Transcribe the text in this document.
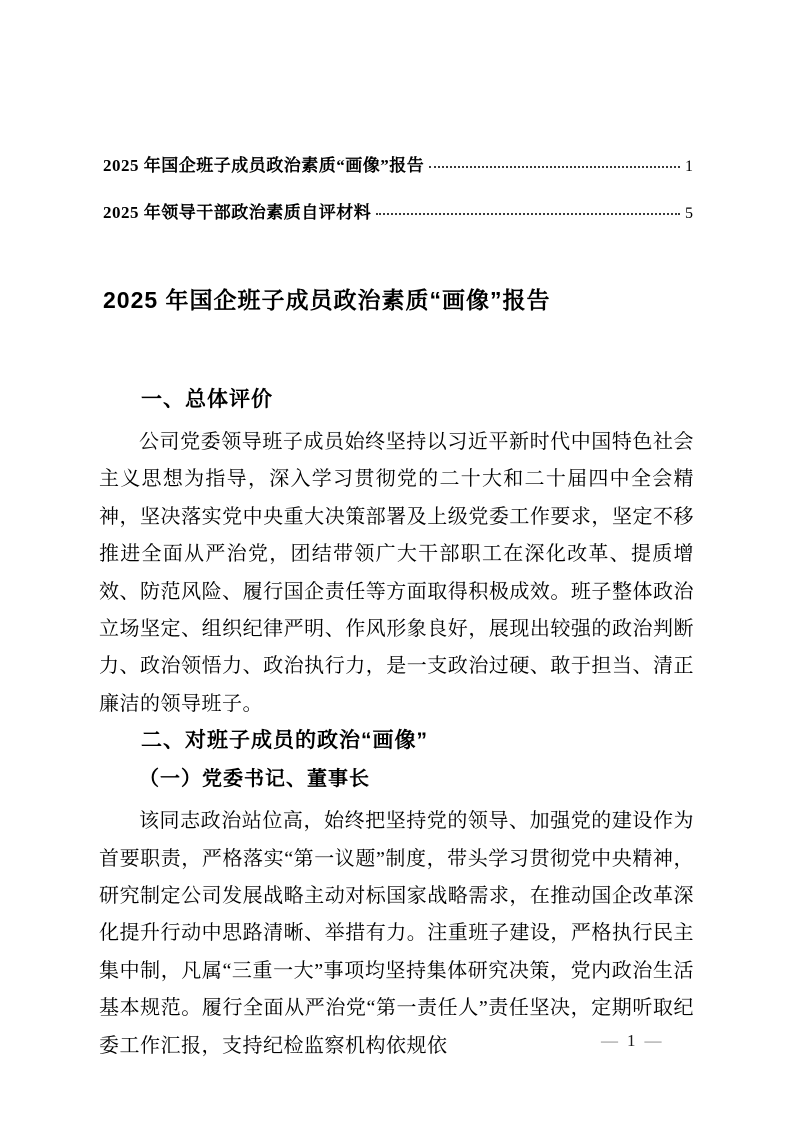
2025 年国企班子成员政治素质“画像”报告	1
2025 年领导干部政治素质自评材料	5
2025 年国企班子成员政治素质“画像”报告
一、总体评价

公司党委领导班子成员始终坚持以习近平新时代中国特色社会主义思想为指导，深入学习贯彻党的二十大和二十届四中全会精神，坚决落实党中央重大决策部署及上级党委工作要求，坚定不移推进全面从严治党，团结带领广大干部职工在深化改革、提质增效、防范风险、履行国企责任等方面取得积极成效。班子整体政治立场坚定、组织纪律严明、作风形象良好，展现出较强的政治判断力、政治领悟力、政治执行力，是一支政治过硬、敢于担当、清正廉洁的领导班子。

二、对班子成员的政治“画像”
（一）党委书记、董事长

该同志政治站位高，始终把坚持党的领导、加强党的建设作为首要职责，严格落实“第一议题”制度，带头学习贯彻党中央精神，研究制定公司发展战略主动对标国家战略需求，在推动国企改革深化提升行动中思路清晰、举措有力。注重班子建设，严格执行民主集中制，凡属“三重一大”事项均坚持集体研究决策，党内政治生活基本规范。履行全面从严治党“第一责任人”责任坚决，定期听取纪委工作汇报，支持纪检监察机构依规依	— 1 —
